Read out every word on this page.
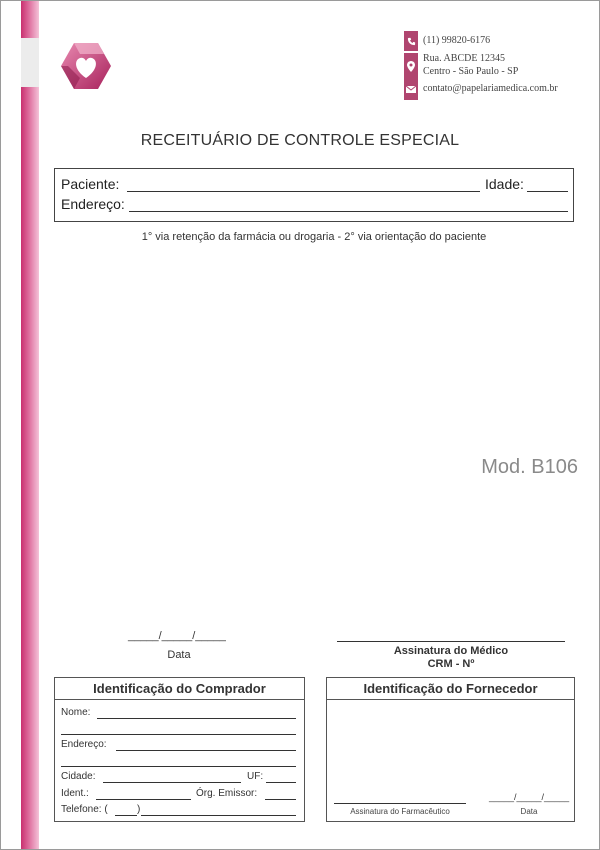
(11) 99820-6176
Rua. ABCDE 12345
Centro - São Paulo - SP
contato@papelariamedica.com.br
RECEITUÁRIO DE CONTROLE ESPECIAL
Paciente:	Idade:
Endereço:
1° via retenção da farmácia ou drogaria - 2° via orientação do paciente
Mod. B106
_____/_____/_____
Data	Assinatura do Médico
CRM - Nº
Identificação do Comprador
Nome:
Endereço:
Cidade:	UF:
Ident.:	Órg. Emissor:
Telefone: (	)
Identificação do Fornecedor
Assinatura do Farmacêutico
_____/_____/_____
Data
